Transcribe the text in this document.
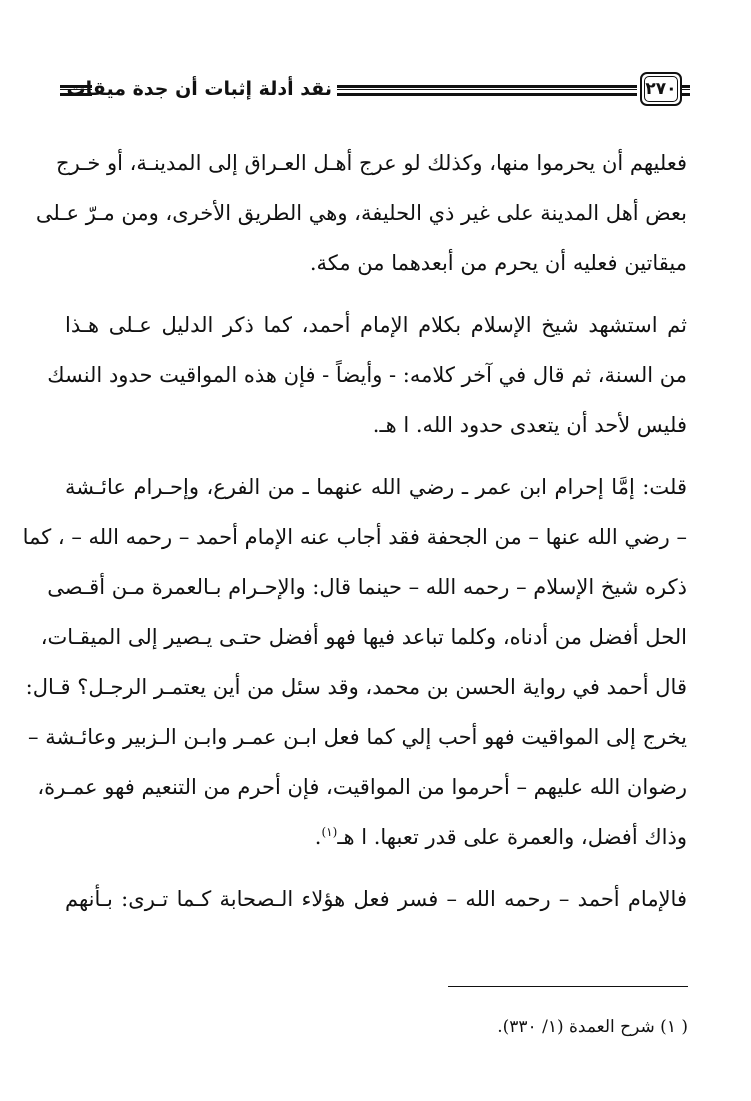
نقد أدلة إثبات أن جدة ميقات	٢٧٠
فعليهم أن يحرموا منها، وكذلك لو عرج أهـل العـراق إلى المدينـة، أو خـرج
بعض أهل المدينة على غير ذي الحليفة، وهي الطريق الأخرى، ومن مـرّ عـلى
ميقاتين فعليه أن يحرم من أبعدهما من مكة.
ثم استشهد شيخ الإسلام بكلام الإمام أحمد، كما ذكر الدليل عـلى هـذا
من السنة، ثم قال في آخر كلامه: - وأيضاً - فإن هذه المواقيت حدود النسك
فليس لأحد أن يتعدى حدود الله. ا هـ.
قلت: إمَّا إحرام ابن عمر ـ رضي الله عنهما ـ من الفرع، وإحـرام عائـشة
– رضي الله عنها – من الجحفة فقد أجاب عنه الإمام أحمد – رحمه الله – ، كما
ذكره شيخ الإسلام – رحمه الله – حينما قال: والإحـرام بـالعمرة مـن أقـصى
الحل أفضل من أدناه، وكلما تباعد فيها فهو أفضل حتـى يـصير إلى الميقـات،
قال أحمد في رواية الحسن بن محمد، وقد سئل من أين يعتمـر الرجـل؟ قـال:
يخرج إلى المواقيت فهو أحب إلي كما فعل ابـن عمـر وابـن الـزبير وعائـشة –
رضوان الله عليهم – أحرموا من المواقيت، فإن أحرم من التنعيم فهو عمـرة،
وذاك أفضل، والعمرة على قدر تعبها. ا هـ$^{(١)}$.
فالإمام أحمد – رحمه الله – فسر فعل هؤلاء الـصحابة كـما تـرى: بـأنهم
( ١) شرح العمدة (١/ ٣٣٠).
